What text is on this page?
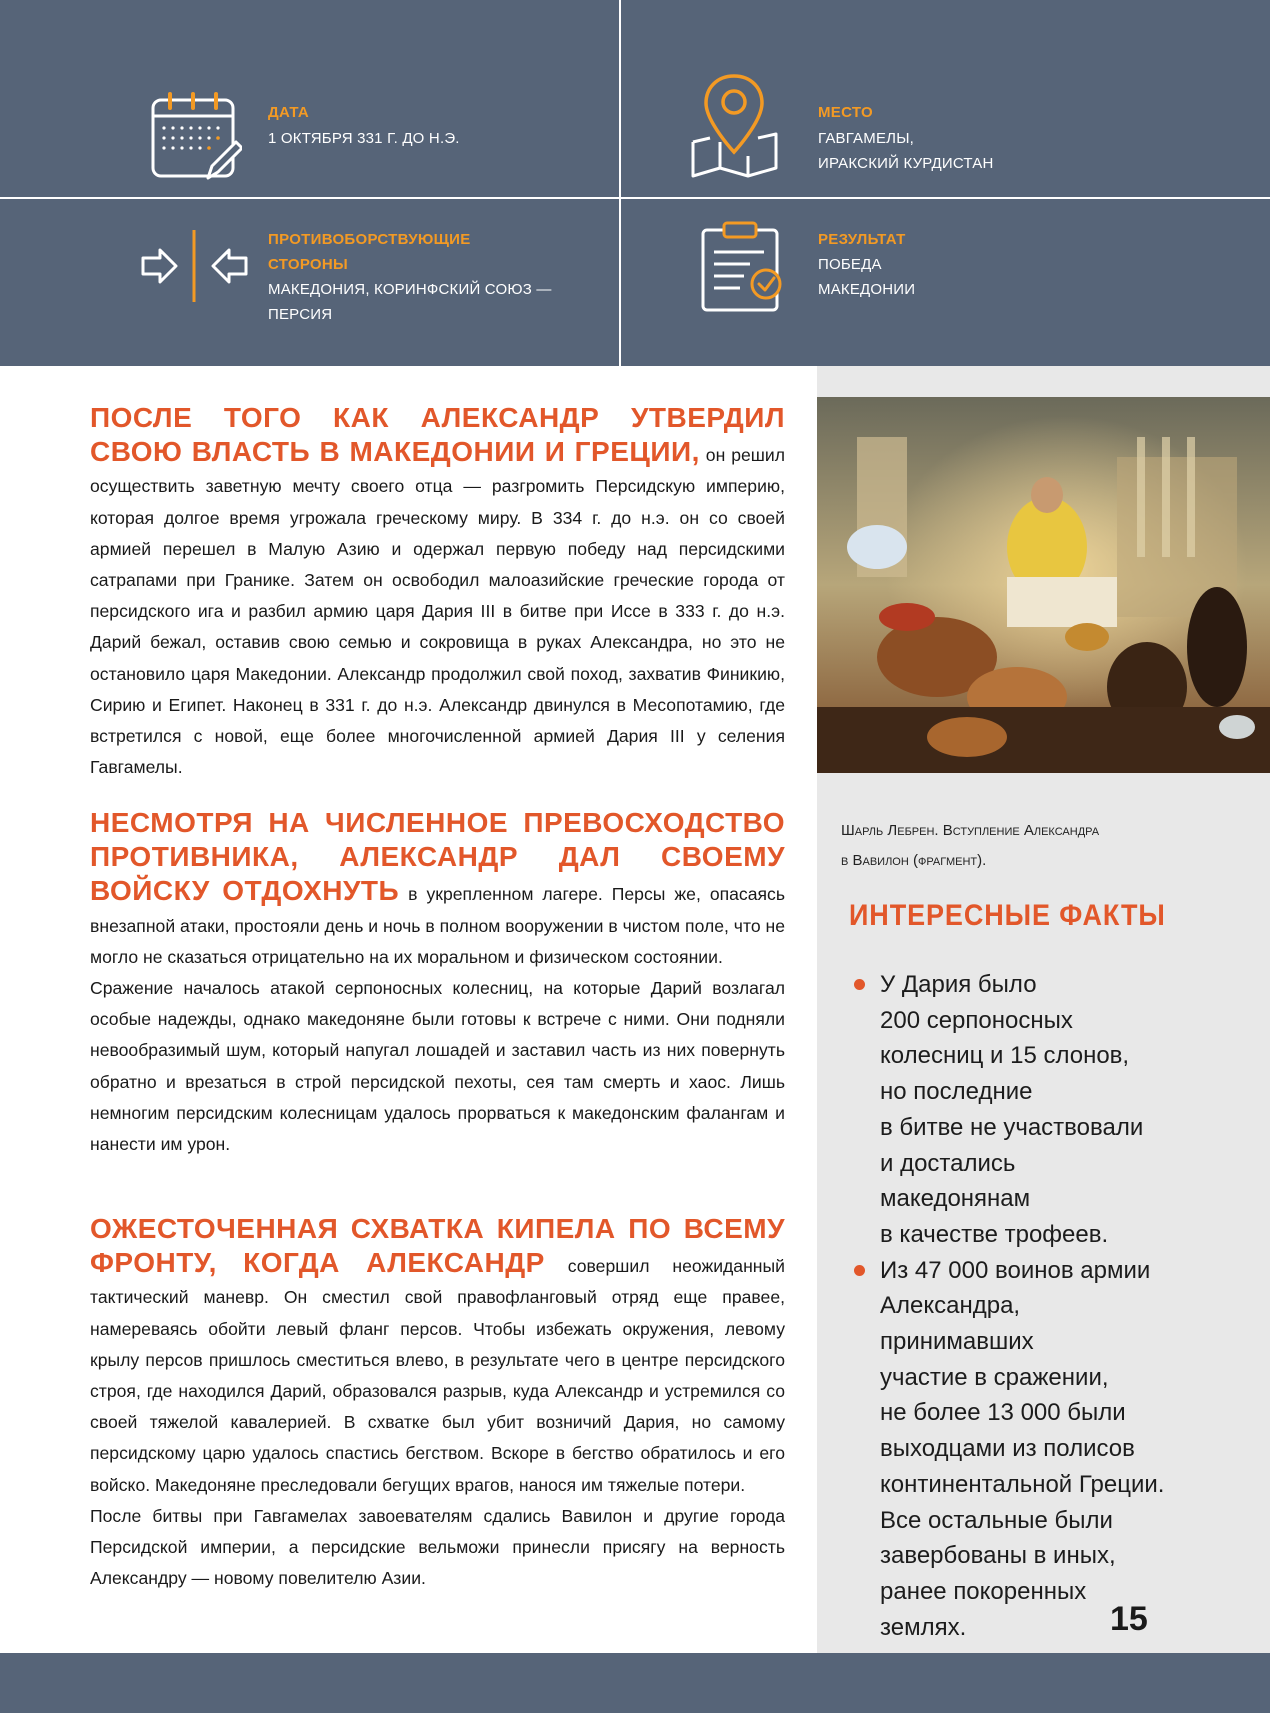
ДАТА
1 ОКТЯБРЯ 331 Г. ДО Н.Э.
МЕСТО
ГАВГАМЕЛЫ,
ИРАКСКИЙ КУРДИСТАН
ПРОТИВОБОРСТВУЮЩИЕ
СТОРОНЫ
МАКЕДОНИЯ, КОРИНФСКИЙ СОЮЗ —
ПЕРСИЯ
РЕЗУЛЬТАТ
ПОБЕДА
МАКЕДОНИИ
Шарль Лебрен. Вступление Александра
в Вавилон (фрагмент).
ИНТЕРЕСНЫЕ ФАКТЫ
У Дария было
200 серпоносных
колесниц и 15 слонов,
но последние
в битве не участвовали
и достались македонянам
в качестве трофеев.
Из 47 000 воинов армии
Александра, принимавших
участие в сражении,
не более 13 000 были
выходцами из полисов
континентальной Греции.
Все остальные были
завербованы в иных,
ранее покоренных
землях.

ПОСЛЕ ТОГО КАК АЛЕКСАНДР УТВЕРДИЛ СВОЮ ВЛАСТЬ В МАКЕДОНИИ И ГРЕЦИИ, он решил осуществить заветную мечту своего отца — разгромить Персидскую империю, которая долгое время угрожала греческому миру. В 334 г. до н.э. он со своей армией перешел в Малую Азию и одержал первую победу над персидскими сатрапами при Гранике. Затем он освободил малоазийские греческие города от персидского ига и разбил армию царя Дария III в битве при Иссе в 333 г. до н.э. Дарий бежал, оставив свою семью и сокровища в руках Александра, но это не остановило царя Македонии. Александр продолжил свой поход, захватив Финикию, Сирию и Египет. Наконец в 331 г. до н.э. Александр двинулся в Месопотамию, где встретился с новой, еще более многочисленной армией Дария III у селения Гавгамелы.

НЕСМОТРЯ НА ЧИСЛЕННОЕ ПРЕВОСХОДСТВО ПРОТИВНИКА, АЛЕКСАНДР ДАЛ СВОЕМУ ВОЙСКУ ОТДОХНУТЬ в укрепленном лагере. Персы же, опасаясь внезапной атаки, простояли день и ночь в полном вооружении в чистом поле, что не могло не сказаться отрицательно на их моральном и физическом состоянии.

Сражение началось атакой серпоносных колесниц, на которые Дарий возлагал особые надежды, однако македоняне были готовы к встрече с ними. Они подняли невообразимый шум, который напугал лошадей и заставил часть из них повернуть обратно и врезаться в строй персидской пехоты, сея там смерть и хаос. Лишь немногим персидским колесницам удалось прорваться к македонским фалангам и нанести им урон.

ОЖЕСТОЧЕННАЯ СХВАТКА КИПЕЛА ПО ВСЕМУ ФРОНТУ, КОГДА АЛЕКСАНДР совершил неожиданный тактический маневр. Он сместил свой правофланговый отряд еще правее, намереваясь обойти левый фланг персов. Чтобы избежать окружения, левому крылу персов пришлось сместиться влево, в результате чего в центре персидского строя, где находился Дарий, образовался разрыв, куда Александр и устремился со своей тяжелой кавалерией. В схватке был убит возничий Дария, но самому персидскому царю удалось спастись бегством. Вскоре в бегство обратилось и его войско. Македоняне преследовали бегущих врагов, нанося им тяжелые потери.

После битвы при Гавгамелах завоевателям сдались Вавилон и другие города Персидской империи, а персидские вельможи принесли присягу на верность Александру — новому повелителю Азии.

15
